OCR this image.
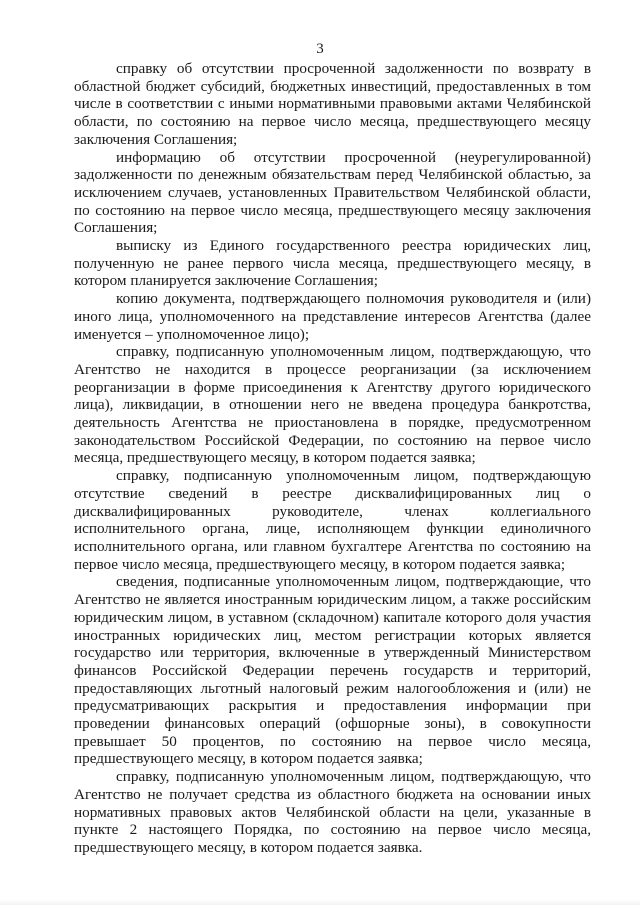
3

справку об отсутствии просроченной задолженности по возврату в областной бюджет субсидий, бюджетных инвестиций, предоставленных в том числе в соответствии с иными нормативными правовыми актами Челябинской области, по состоянию на первое число месяца, предшествующего месяцу заключения Соглашения;

информацию об отсутствии просроченной (неурегулированной) задолженности по денежным обязательствам перед Челябинской областью, за исключением случаев, установленных Правительством Челябинской области, по состоянию на первое число месяца, предшествующего месяцу заключения Соглашения;

выписку из Единого государственного реестра юридических лиц, полученную не ранее первого числа месяца, предшествующего месяцу, в котором планируется заключение Соглашения;

копию документа, подтверждающего полномочия руководителя и (или) иного лица, уполномоченного на представление интересов Агентства (далее именуется – уполномоченное лицо);

справку, подписанную уполномоченным лицом, подтверждающую, что Агентство не находится в процессе реорганизации (за исключением реорганизации в форме присоединения к Агентству другого юридического лица), ликвидации, в отношении него не введена процедура банкротства, деятельность Агентства не приостановлена в порядке, предусмотренном законодательством Российской Федерации, по состоянию на первое число месяца, предшествующего месяцу, в котором подается заявка;

справку, подписанную уполномоченным лицом, подтверждающую отсутствие сведений в реестре дисквалифицированных лиц о дисквалифицированных руководителе, членах коллегиального исполнительного органа, лице, исполняющем функции единоличного исполнительного органа, или главном бухгалтере Агентства по состоянию на первое число месяца, предшествующего месяцу, в котором подается заявка;

сведения, подписанные уполномоченным лицом, подтверждающие, что Агентство не является иностранным юридическим лицом, а также российским юридическим лицом, в уставном (складочном) капитале которого доля участия иностранных юридических лиц, местом регистрации которых является государство или территория, включенные в утвержденный Министерством финансов Российской Федерации перечень государств и территорий, предоставляющих льготный налоговый режим налогообложения и (или) не предусматривающих раскрытия и предоставления информации при проведении финансовых операций (офшорные зоны), в совокупности превышает 50 процентов, по состоянию на первое число месяца, предшествующего месяцу, в котором подается заявка;

справку, подписанную уполномоченным лицом, подтверждающую, что Агентство не получает средства из областного бюджета на основании иных нормативных правовых актов Челябинской области на цели, указанные в пункте 2 настоящего Порядка, по состоянию на первое число месяца, предшествующего месяцу, в котором подается заявка.
